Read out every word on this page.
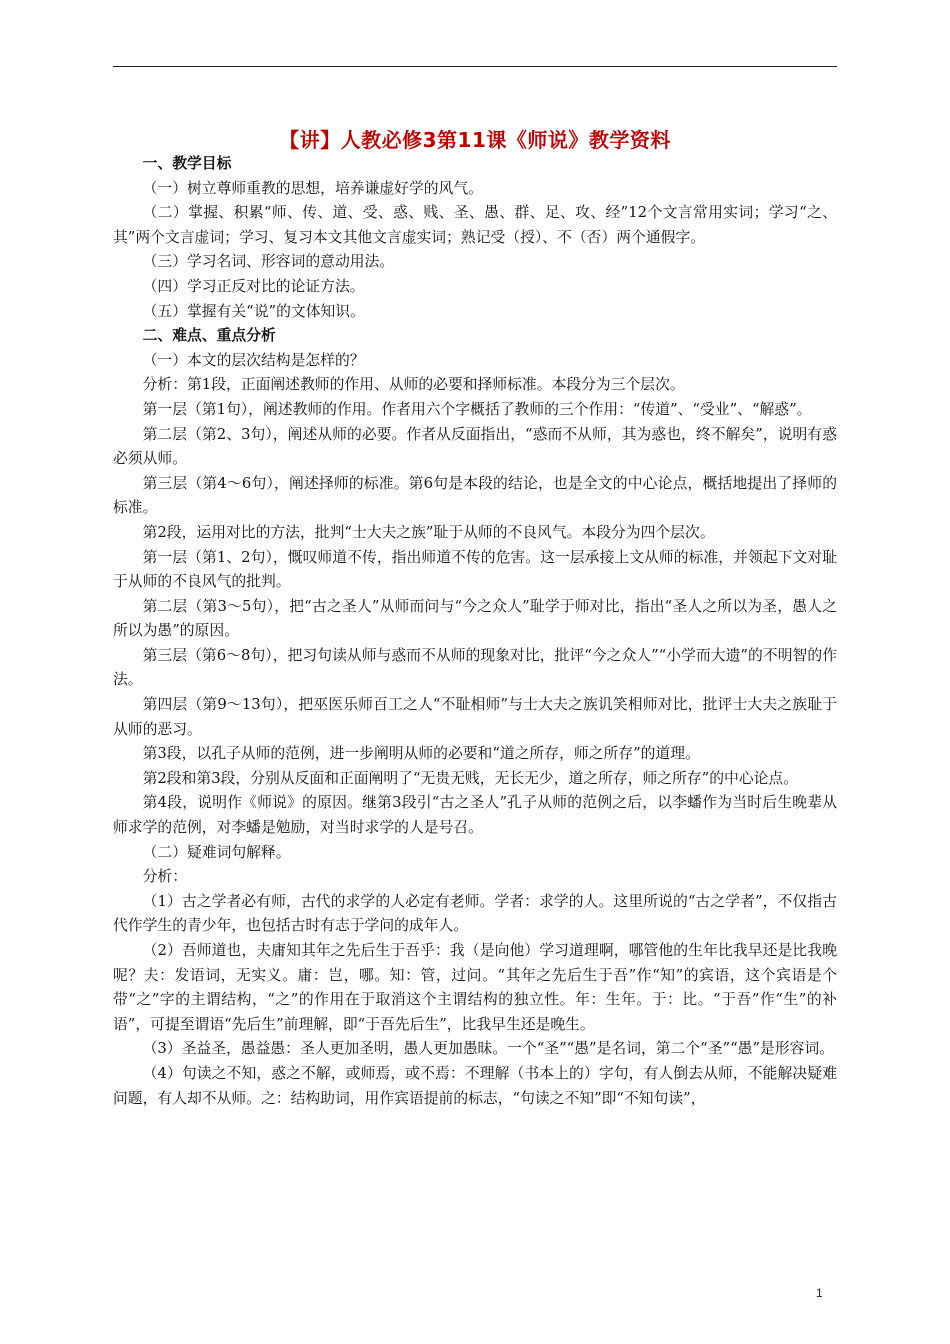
【讲】人教必修3第11课《师说》教学资料

一、教学目标

（一）树立尊师重教的思想，培养谦虚好学的风气。

（二）掌握、积累“师、传、道、受、惑、贱、圣、愚、群、足、攻、经”12个文言常用实词；学习“之、其”两个文言虚词；学习、复习本文其他文言虚实词；熟记受（授）、不（否）两个通假字。

（三）学习名词、形容词的意动用法。

（四）学习正反对比的论证方法。

（五）掌握有关“说”的文体知识。

二、难点、重点分析

（一）本文的层次结构是怎样的？

分析：第1段，正面阐述教师的作用、从师的必要和择师标准。本段分为三个层次。

第一层（第1句），阐述教师的作用。作者用六个字概括了教师的三个作用：“传道”、“受业”、“解惑”。

第二层（第2、3句），阐述从师的必要。作者从反面指出，“惑而不从师，其为惑也，终不解矣”，说明有惑必须从师。

第三层（第4～6句），阐述择师的标准。第6句是本段的结论，也是全文的中心论点，概括地提出了择师的标准。

第2段，运用对比的方法，批判“士大夫之族”耻于从师的不良风气。本段分为四个层次。

第一层（第1、2句），慨叹师道不传，指出师道不传的危害。这一层承接上文从师的标准，并领起下文对耻于从师的不良风气的批判。

第二层（第3～5句），把“古之圣人”从师而问与“今之众人”耻学于师对比，指出“圣人之所以为圣，愚人之所以为愚”的原因。

第三层（第6～8句），把习句读从师与惑而不从师的现象对比，批评“今之众人”“小学而大遗”的不明智的作法。

第四层（第9～13句），把巫医乐师百工之人“不耻相师”与士大夫之族讥笑相师对比，批评士大夫之族耻于从师的恶习。

第3段，以孔子从师的范例，进一步阐明从师的必要和“道之所存，师之所存”的道理。

第2段和第3段，分别从反面和正面阐明了“无贵无贱，无长无少，道之所存，师之所存”的中心论点。

第4段，说明作《师说》的原因。继第3段引“古之圣人”孔子从师的范例之后，以李蟠作为当时后生晚辈从师求学的范例，对李蟠是勉励，对当时求学的人是号召。

（二）疑难词句解释。

分析：

（1）古之学者必有师，古代的求学的人必定有老师。学者：求学的人。这里所说的“古之学者”，不仅指古代作学生的青少年，也包括古时有志于学问的成年人。

（2）吾师道也，夫庸知其年之先后生于吾乎：我（是向他）学习道理啊，哪管他的生年比我早还是比我晚呢？夫：发语词，无实义。庸：岂，哪。知：管，过问。“其年之先后生于吾”作“知”的宾语，这个宾语是个带“之”字的主谓结构，“之”的作用在于取消这个主谓结构的独立性。年：生年。于：比。“于吾”作“生”的补语”，可提至谓语“先后生”前理解，即“于吾先后生”，比我早生还是晚生。

（3）圣益圣，愚益愚：圣人更加圣明，愚人更加愚昧。一个“圣”“愚”是名词，第二个“圣”“愚”是形容词。

（4）句读之不知，惑之不解，或师焉，或不焉：不理解（书本上的）字句，有人倒去从师，不能解决疑难问题，有人却不从师。之：结构助词，用作宾语提前的标志，“句读之不知”即“不知句读”，

1
